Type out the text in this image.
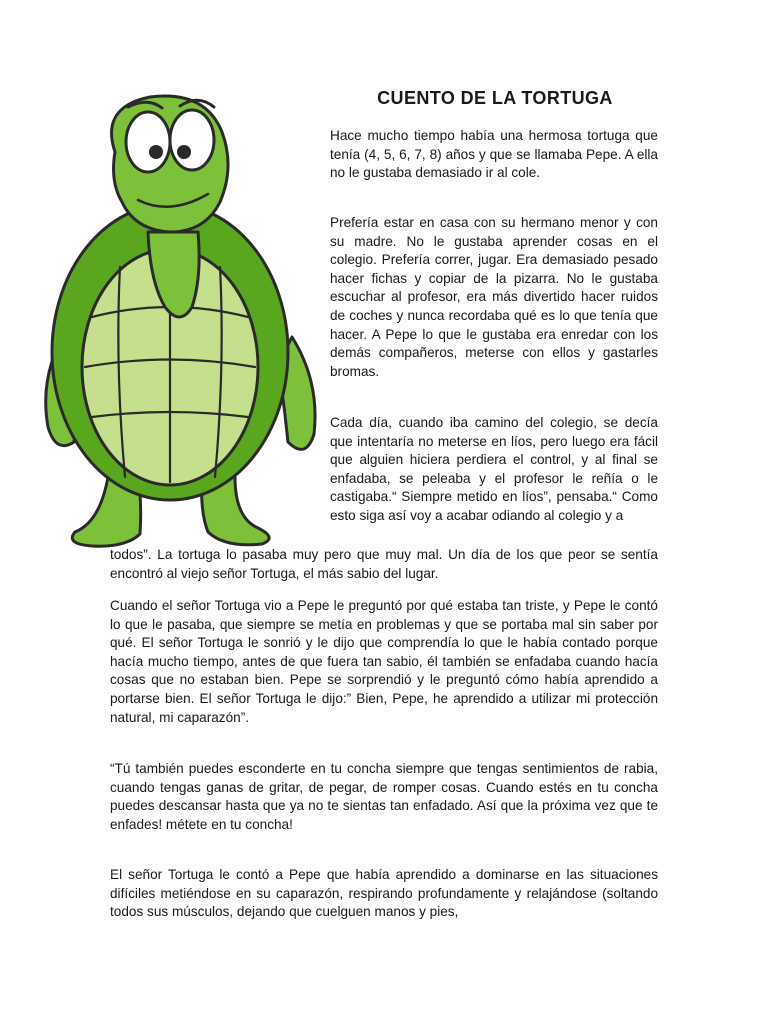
CUENTO DE LA TORTUGA

Hace mucho tiempo había una hermosa tortuga que tenía (4, 5, 6, 7, 8) años y que se llamaba Pepe. A ella no le gustaba demasiado ir al cole.

Prefería estar en casa con su hermano menor y con su madre. No le gustaba aprender cosas en el colegio. Prefería correr, jugar. Era demasiado pesado hacer fichas y copiar de la pizarra. No le gustaba escuchar al profesor, era más divertido hacer ruidos de coches y nunca recordaba qué es lo que tenía que hacer. A Pepe lo que le gustaba era enredar con los demás compañeros, meterse con ellos y gastarles bromas.

Cada día, cuando iba camino del colegio, se decía que intentaría no meterse en líos, pero luego era fácil que alguien hiciera perdiera el control, y al final se enfadaba, se peleaba y el profesor le reñía o le castigaba.“ Siempre metido en líos”, pensaba.“ Como esto siga así voy a acabar odiando al colegio y a

todos”. La tortuga lo pasaba muy pero que muy mal. Un día de los que peor se sentía encontró al viejo señor Tortuga, el más sabio del lugar.

Cuando el señor Tortuga vio a Pepe le preguntó por qué estaba tan triste, y Pepe le contó lo que le pasaba, que siempre se metía en problemas y que se portaba mal sin saber por qué. El señor Tortuga le sonrió y le dijo que comprendía lo que le había contado porque hacía mucho tiempo, antes de que fuera tan sabio, él también se enfadaba cuando hacía cosas que no estaban bien. Pepe se sorprendió y le preguntó cómo había aprendido a portarse bien. El señor Tortuga le dijo:” Bien, Pepe, he aprendido a utilizar mi protección natural, mi caparazón”.

“Tú también puedes esconderte en tu concha siempre que tengas sentimientos de rabia, cuando tengas ganas de gritar, de pegar, de romper cosas. Cuando estés en tu concha puedes descansar hasta que ya no te sientas tan enfadado. Así que la próxima vez que te enfades! métete en tu concha!

El señor Tortuga le contó a Pepe que había aprendido a dominarse en las situaciones difíciles metiéndose en su caparazón, respirando profundamente y relajándose (soltando todos sus músculos, dejando que cuelguen manos y pies,
